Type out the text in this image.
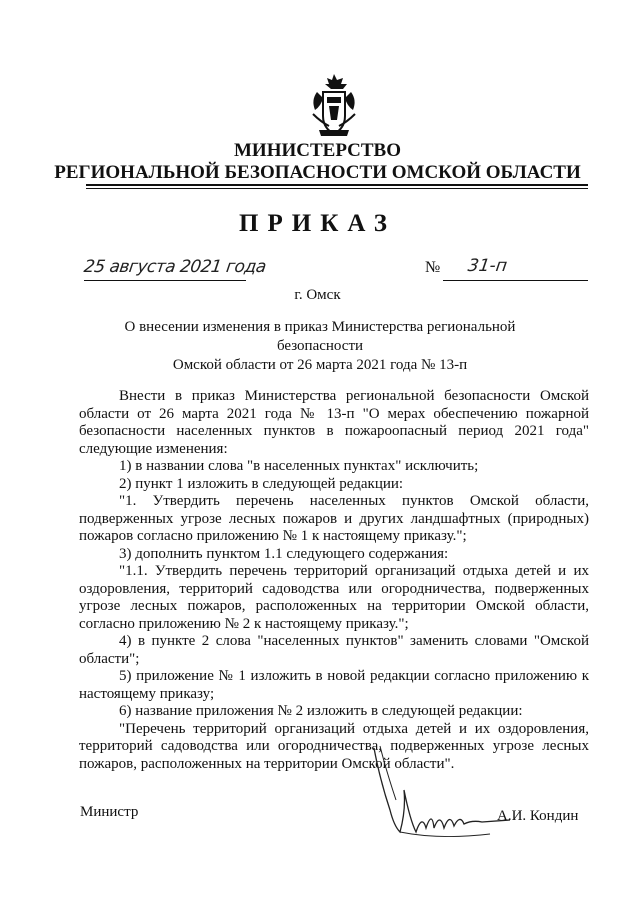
МИНИСТЕРСТВО
РЕГИОНАЛЬНОЙ БЕЗОПАСНОСТИ ОМСКОЙ ОБЛАСТИ
ПРИКАЗ
25 августа 2021 года	№ 31-п
г. Омск
О внесении изменения в приказ Министерства региональной безопасности
Омской области от 26 марта 2021 года № 13-п

Внести в приказ Министерства региональной безопасности Омской области от 26 марта 2021 года № 13-п "О мерах обеспечению пожарной безопасности населенных пунктов в пожароопасный период 2021 года" следующие изменения:

1) в названии слова "в населенных пунктах" исключить;

2) пункт 1 изложить в следующей редакции:

"1. Утвердить перечень населенных пунктов Омской области, подверженных угрозе лесных пожаров и других ландшафтных (природных) пожаров согласно приложению № 1 к настоящему приказу.";

3) дополнить пунктом 1.1 следующего содержания:

"1.1. Утвердить перечень территорий организаций отдыха детей и их оздоровления, территорий садоводства или огородничества, подверженных угрозе лесных пожаров, расположенных на территории Омской области, согласно приложению № 2 к настоящему приказу.";

4) в пункте 2 слова "населенных пунктов" заменить словами "Омской области";

5) приложение № 1 изложить в новой редакции согласно приложению к настоящему приказу;

6) название приложения № 2 изложить в следующей редакции:

"Перечень территорий организаций отдыха детей и их оздоровления, территорий садоводства или огородничества, подверженных угрозе лесных пожаров, расположенных на территории Омской области".

Министр	А.И. Кондин
